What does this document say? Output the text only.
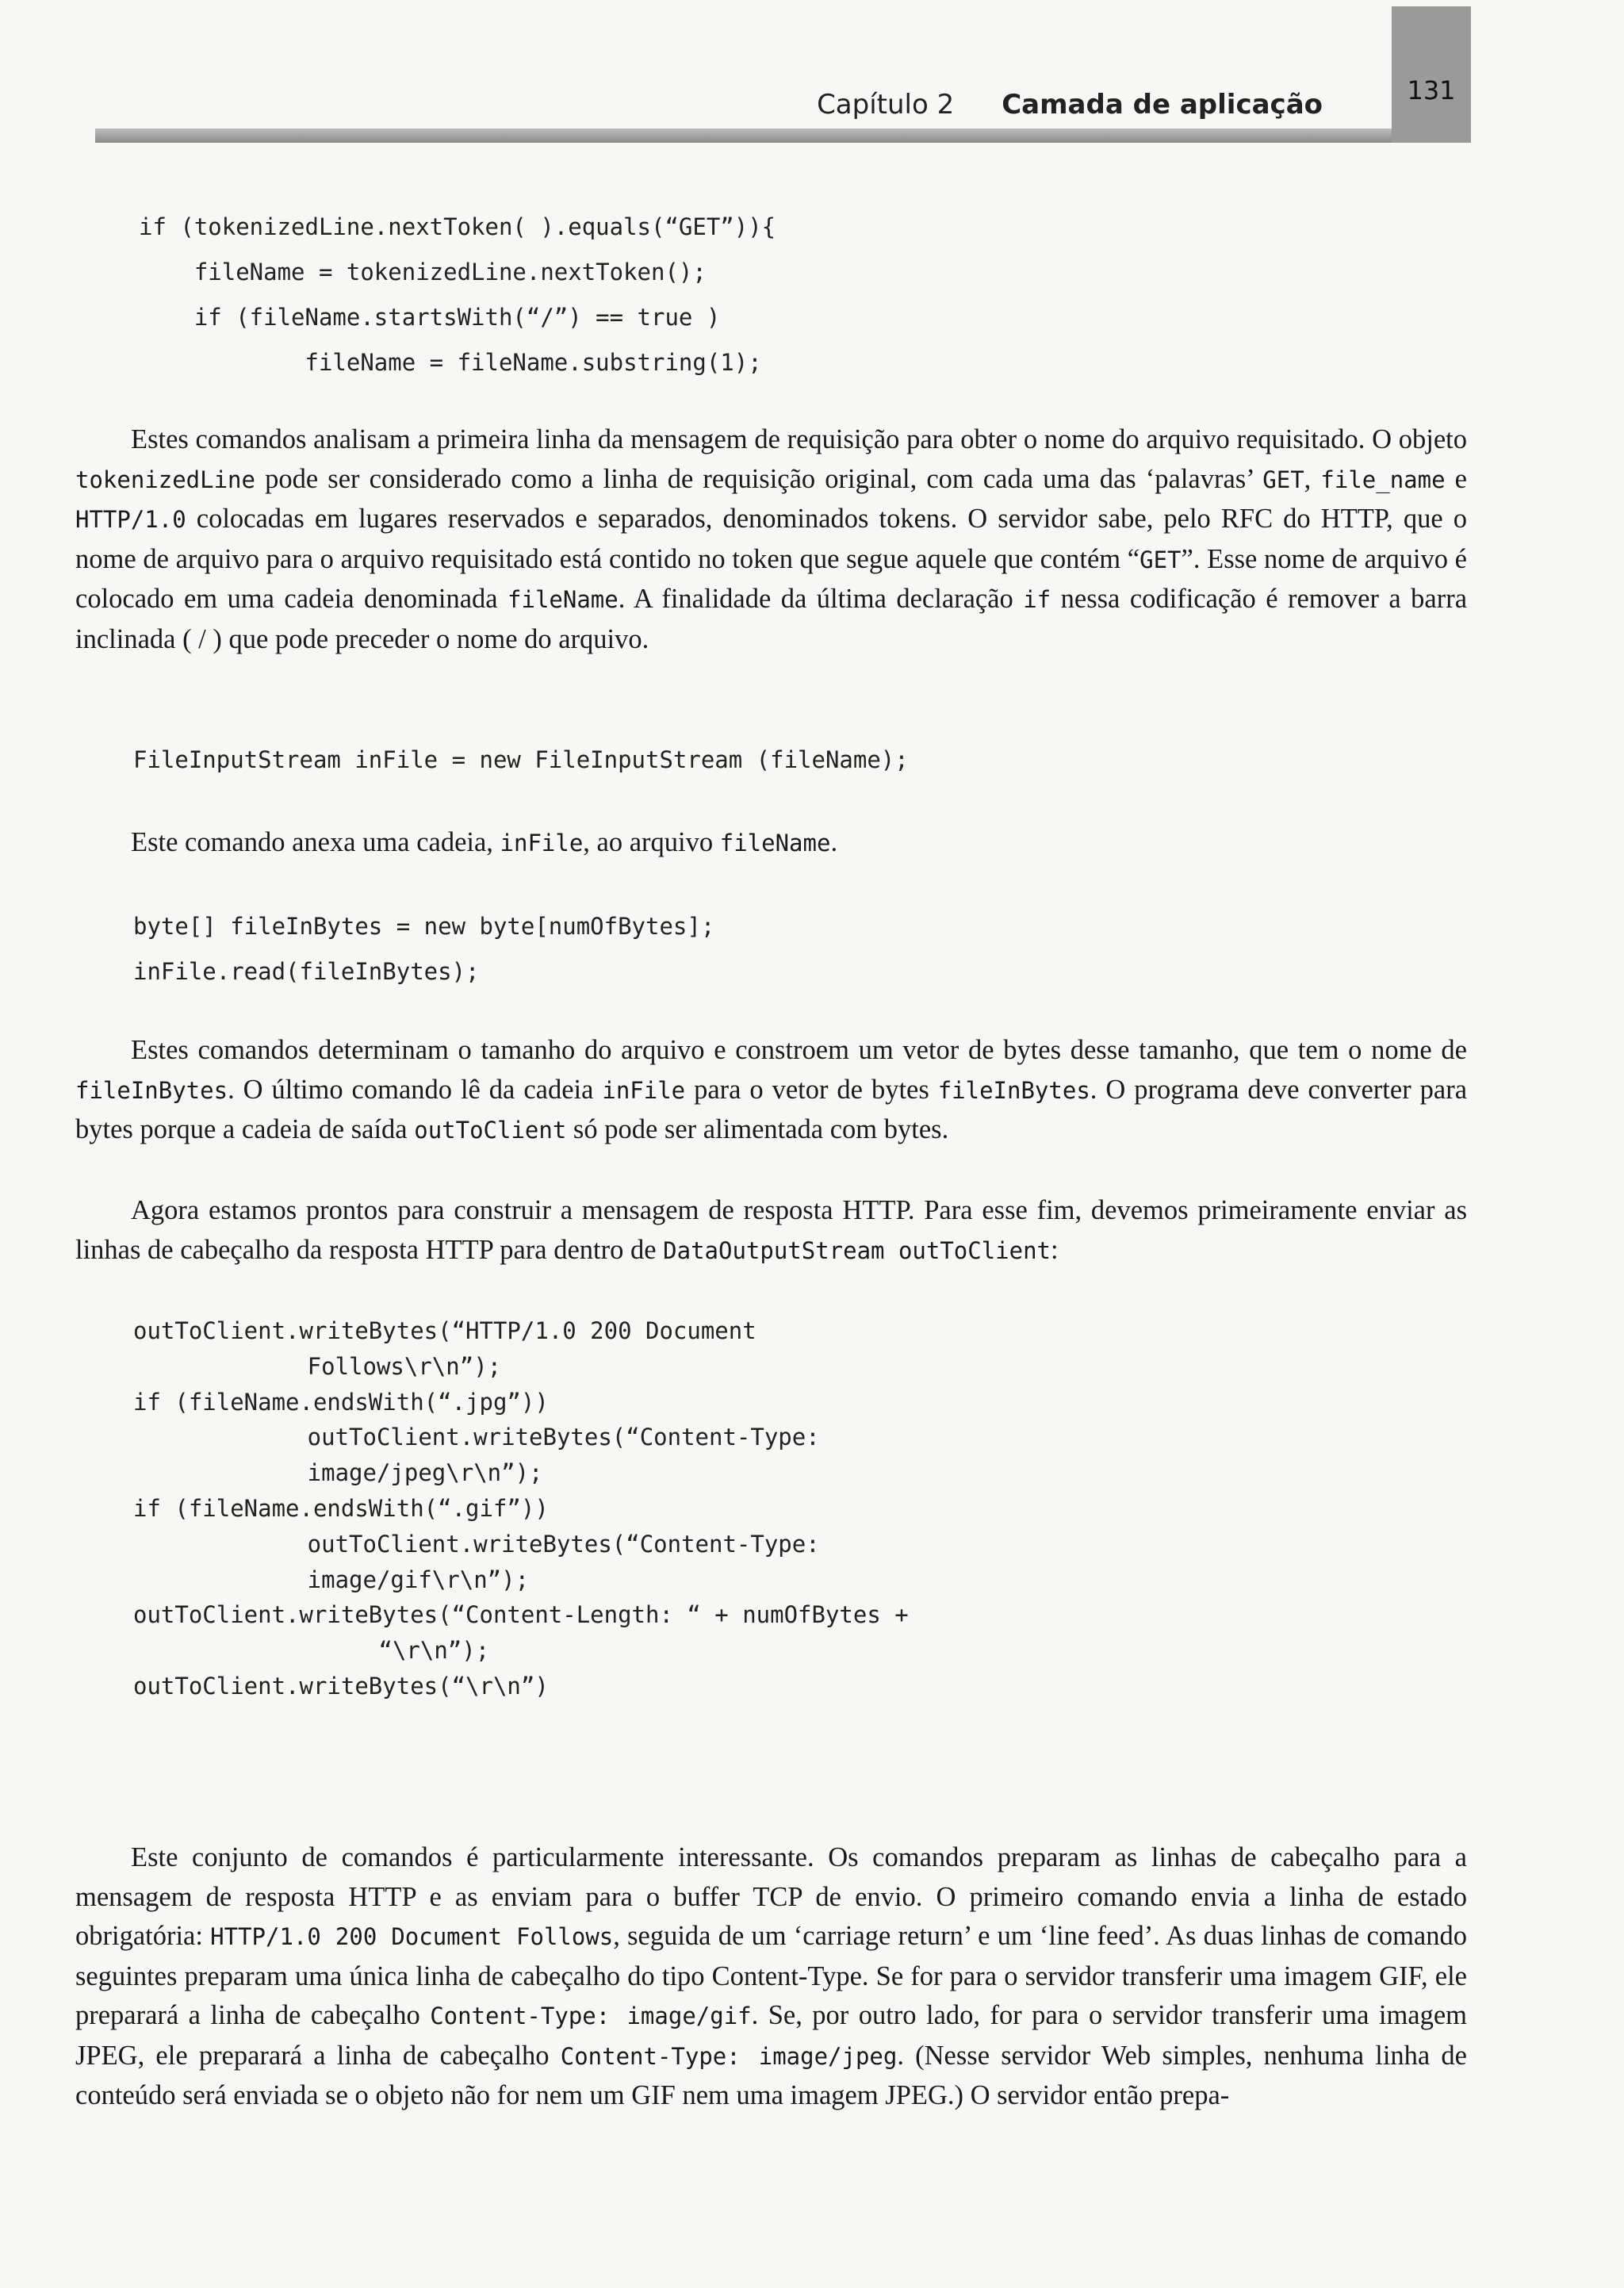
Capítulo 2 Camada de aplicação	131
if (tokenizedLine.nextToken( ).equals(“GET”)){
fileName = tokenizedLine.nextToken();
if (fileName.startsWith(“/”) == true )
fileName = fileName.substring(1);

Estes comandos analisam a primeira linha da mensagem de requisição para obter o nome do arquivo requisitado. O objeto tokenizedLine pode ser considerado como a linha de requisição original, com cada uma das ‘palavras’ GET, file_name e HTTP/1.0 colocadas em lugares reservados e separados, denominados tokens. O servidor sabe, pelo RFC do HTTP, que o nome de arquivo para o arquivo requisitado está contido no token que segue aquele que contém “GET”. Esse nome de arquivo é colocado em uma cadeia denominada fileName. A finalidade da última declaração if nessa codificação é remover a barra inclinada ( / ) que pode preceder o nome do arquivo.

FileInputStream inFile = new FileInputStream (fileName);

Este comando anexa uma cadeia, inFile, ao arquivo fileName.

byte[] fileInBytes = new byte[numOfBytes];
inFile.read(fileInBytes);

Estes comandos determinam o tamanho do arquivo e constroem um vetor de bytes desse tamanho, que tem o nome de fileInBytes. O último comando lê da cadeia inFile para o vetor de bytes fileInBytes. O programa deve converter para bytes porque a cadeia de saída outToClient só pode ser alimentada com bytes.

Agora estamos prontos para construir a mensagem de resposta HTTP. Para esse fim, devemos primeiramente enviar as linhas de cabeçalho da resposta HTTP para dentro de DataOutputStream outToClient:

outToClient.writeBytes(“HTTP/1.0 200 Document
Follows\r\n”);
if (fileName.endsWith(“.jpg”))
outToClient.writeBytes(“Content-Type:
image/jpeg\r\n”);
if (fileName.endsWith(“.gif”))
outToClient.writeBytes(“Content-Type:
image/gif\r\n”);
outToClient.writeBytes(“Content-Length: “ + numOfBytes +
“\r\n”);
outToClient.writeBytes(“\r\n”)

Este conjunto de comandos é particularmente interessante. Os comandos preparam as linhas de cabeçalho para a mensagem de resposta HTTP e as enviam para o buffer TCP de envio. O primeiro comando envia a linha de estado obrigatória: HTTP/1.0 200 Document Follows, seguida de um ‘carriage return’ e um ‘line feed’. As duas linhas de comando seguintes preparam uma única linha de cabeçalho do tipo Content-Type. Se for para o servidor transferir uma imagem GIF, ele preparará a linha de cabeçalho Content-Type: image/gif. Se, por outro lado, for para o servidor transferir uma imagem JPEG, ele preparará a linha de cabeçalho Content-Type: image/jpeg. (Nesse servidor Web simples, nenhuma linha de conteúdo será enviada se o objeto não for nem um GIF nem uma imagem JPEG.) O servidor então prepa-
